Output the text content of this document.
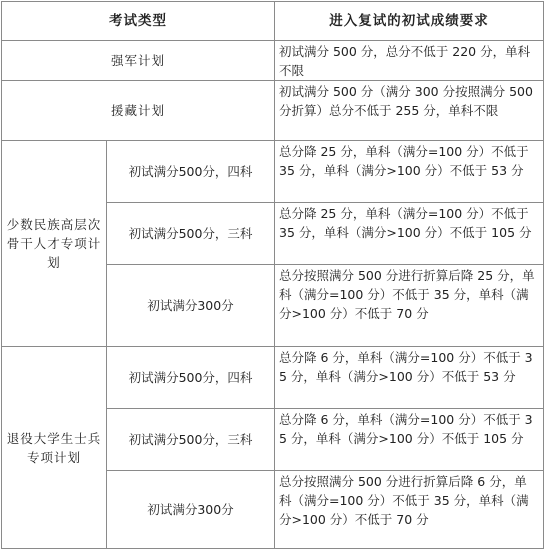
考试类型		进入复试的初试成绩要求
强军计划		初试满分 500 分，总分不低于 220 分，单科不限
援藏计划		初试满分 500 分（满分 300 分按照满分 500 分折算）总分不低于 255 分，单科不限
少数民族高层次骨干人才专项计划	初试满分500分，四科	总分降 25 分，单科（满分=100 分）不低于 35 分，单科（满分>100 分）不低于 53 分
	初试满分500分，三科	总分降 25 分，单科（满分=100 分）不低于 35 分，单科（满分>100 分）不低于 105 分
	初试满分300分	总分按照满分 500 分进行折算后降 25 分，单科（满分=100 分）不低于 35 分，单科（满分>100 分）不低于 70 分
退役大学生士兵专项计划	初试满分500分，四科	总分降 6 分，单科（满分=100 分）不低于 35 分，单科（满分>100 分）不低于 53 分
	初试满分500分，三科	总分降 6 分，单科（满分=100 分）不低于 35 分，单科（满分>100 分）不低于 105 分
	初试满分300分	总分按照满分 500 分进行折算后降 6 分，单科（满分=100 分）不低于 35 分，单科（满分>100 分）不低于 70 分
